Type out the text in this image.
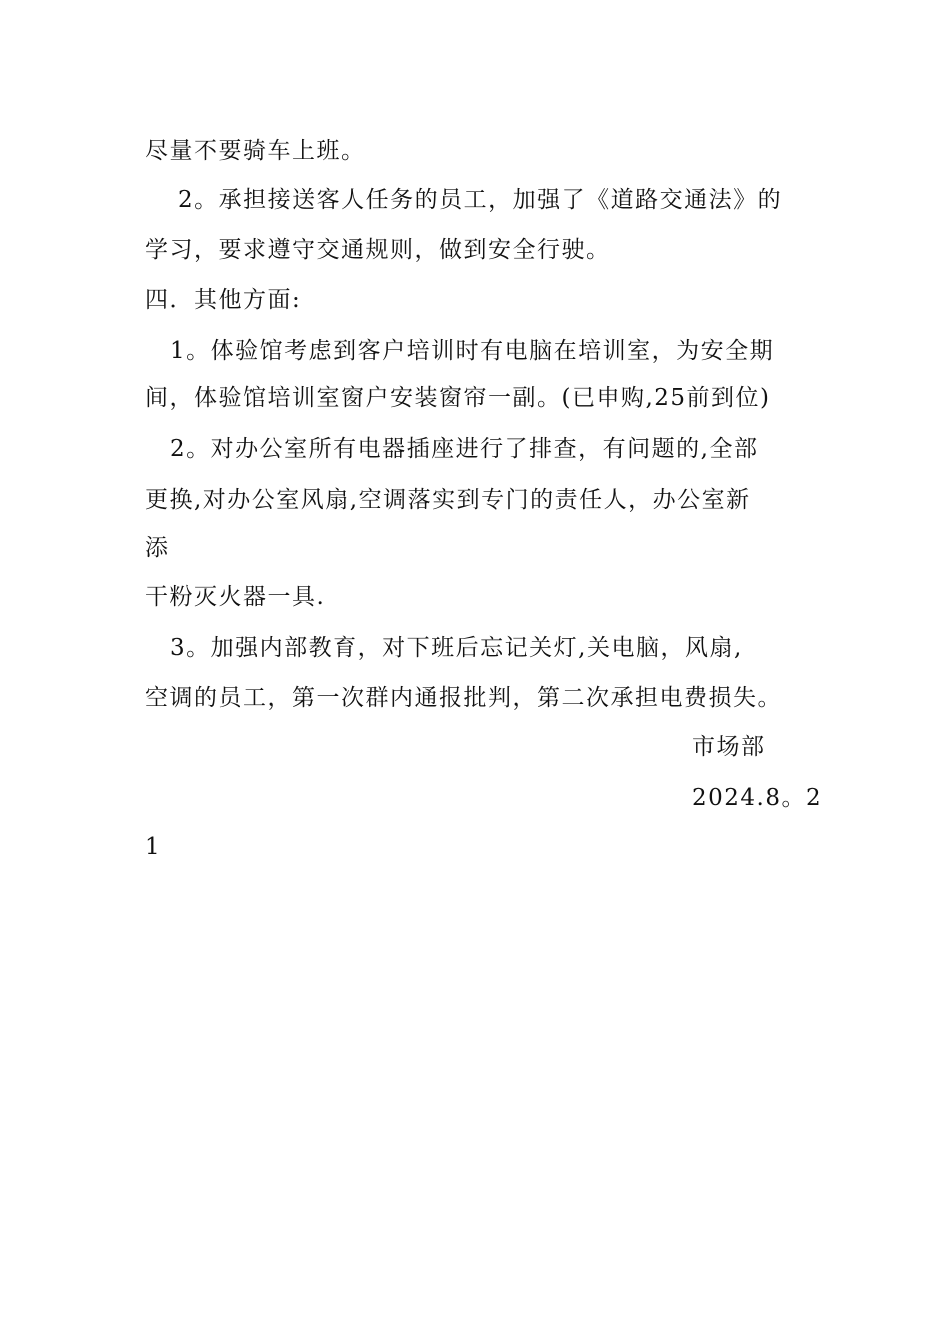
尽量不要骑车上班。
2。承担接送客人任务的员工，加强了《道路交通法》的
学习，要求遵守交通规则，做到安全行驶。
四．其他方面:
1。体验馆考虑到客户培训时有电脑在培训室，为安全期
间，体验馆培训室窗户安装窗帘一副。(已申购,25前到位)
2。对办公室所有电器插座进行了排查，有问题的,全部
更换,对办公室风扇,空调落实到专门的责任人，办公室新
添
干粉灭火器一具.
3。加强内部教育，对下班后忘记关灯,关电脑，风扇,
空调的员工，第一次群内通报批判，第二次承担电费损失。
市场部
2024.8。2
1
